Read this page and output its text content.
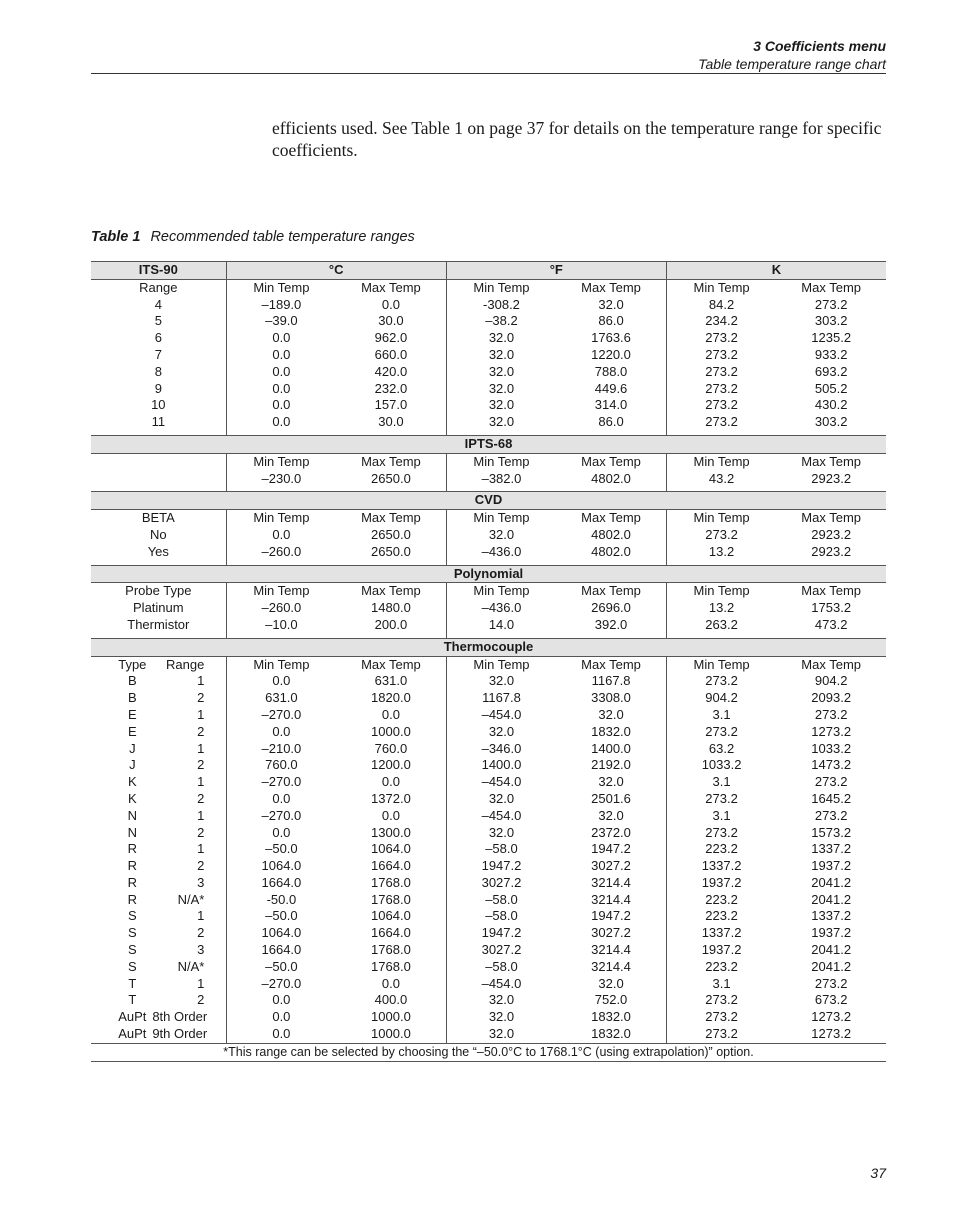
3 Coefficients menu
Table temperature range chart
efficients used. See Table 1 on page 37 for details on the temperature range for specific coefficients.
Table 1 Recommended table temperature ranges
ITS-90	°C		°F		K	
Range	Min Temp	Max Temp	Min Temp	Max Temp	Min Temp	Max Temp
4	–189.0	0.0	-308.2	32.0	84.2	273.2
5	–39.0	30.0	–38.2	86.0	234.2	303.2
6	0.0	962.0	32.0	1763.6	273.2	1235.2
7	0.0	660.0	32.0	1220.0	273.2	933.2
8	0.0	420.0	32.0	788.0	273.2	693.2
9	0.0	232.0	32.0	449.6	273.2	505.2
10	0.0	157.0	32.0	314.0	273.2	430.2
11	0.0	30.0	32.0	86.0	273.2	303.2

IPTS-68						
	Min Temp	Max Temp	Min Temp	Max Temp	Min Temp	Max Temp
	–230.0	2650.0	–382.0	4802.0	43.2	2923.2

CVD						
BETA	Min Temp	Max Temp	Min Temp	Max Temp	Min Temp	Max Temp
No	0.0	2650.0	32.0	4802.0	273.2	2923.2
Yes	–260.0	2650.0	–436.0	4802.0	13.2	2923.2

Polynomial						
Probe Type	Min Temp	Max Temp	Min Temp	Max Temp	Min Temp	Max Temp
Platinum	–260.0	1480.0	–436.0	2696.0	13.2	1753.2
Thermistor	–10.0	200.0	14.0	392.0	263.2	473.2

Thermocouple						

Type Range	Min Temp	Max Temp	Min Temp	Max Temp	Min Temp	Max Temp

B 1	0.0	631.0	32.0	1167.8	273.2	904.2

B 2	631.0	1820.0	1167.8	3308.0	904.2	2093.2

E 1	–270.0	0.0	–454.0	32.0	3.1	273.2

E 2	0.0	1000.0	32.0	1832.0	273.2	1273.2

J 1	–210.0	760.0	–346.0	1400.0	63.2	1033.2

J 2	760.0	1200.0	1400.0	2192.0	1033.2	1473.2

K 1	–270.0	0.0	–454.0	32.0	3.1	273.2

K 2	0.0	1372.0	32.0	2501.6	273.2	1645.2

N 1	–270.0	0.0	–454.0	32.0	3.1	273.2

N 2	0.0	1300.0	32.0	2372.0	273.2	1573.2

R 1	–50.0	1064.0	–58.0	1947.2	223.2	1337.2

R 2	1064.0	1664.0	1947.2	3027.2	1337.2	1937.2

R 3	1664.0	1768.0	3027.2	3214.4	1937.2	2041.2

R N/A*	-50.0	1768.0	–58.0	3214.4	223.2	2041.2

S 1	–50.0	1064.0	–58.0	1947.2	223.2	1337.2

S 2	1064.0	1664.0	1947.2	3027.2	1337.2	1937.2

S 3	1664.0	1768.0	3027.2	3214.4	1937.2	2041.2

S N/A*	–50.0	1768.0	–58.0	3214.4	223.2	2041.2

T 1	–270.0	0.0	–454.0	32.0	3.1	273.2

T 2	0.0	400.0	32.0	752.0	273.2	673.2

AuPt 8th Order	0.0	1000.0	32.0	1832.0	273.2	1273.2

AuPt 9th Order	0.0	1000.0	32.0	1832.0	273.2	1273.2
*This range can be selected by choosing the “–50.0°C to 1768.1°C (using extrapolation)” option.						
37
